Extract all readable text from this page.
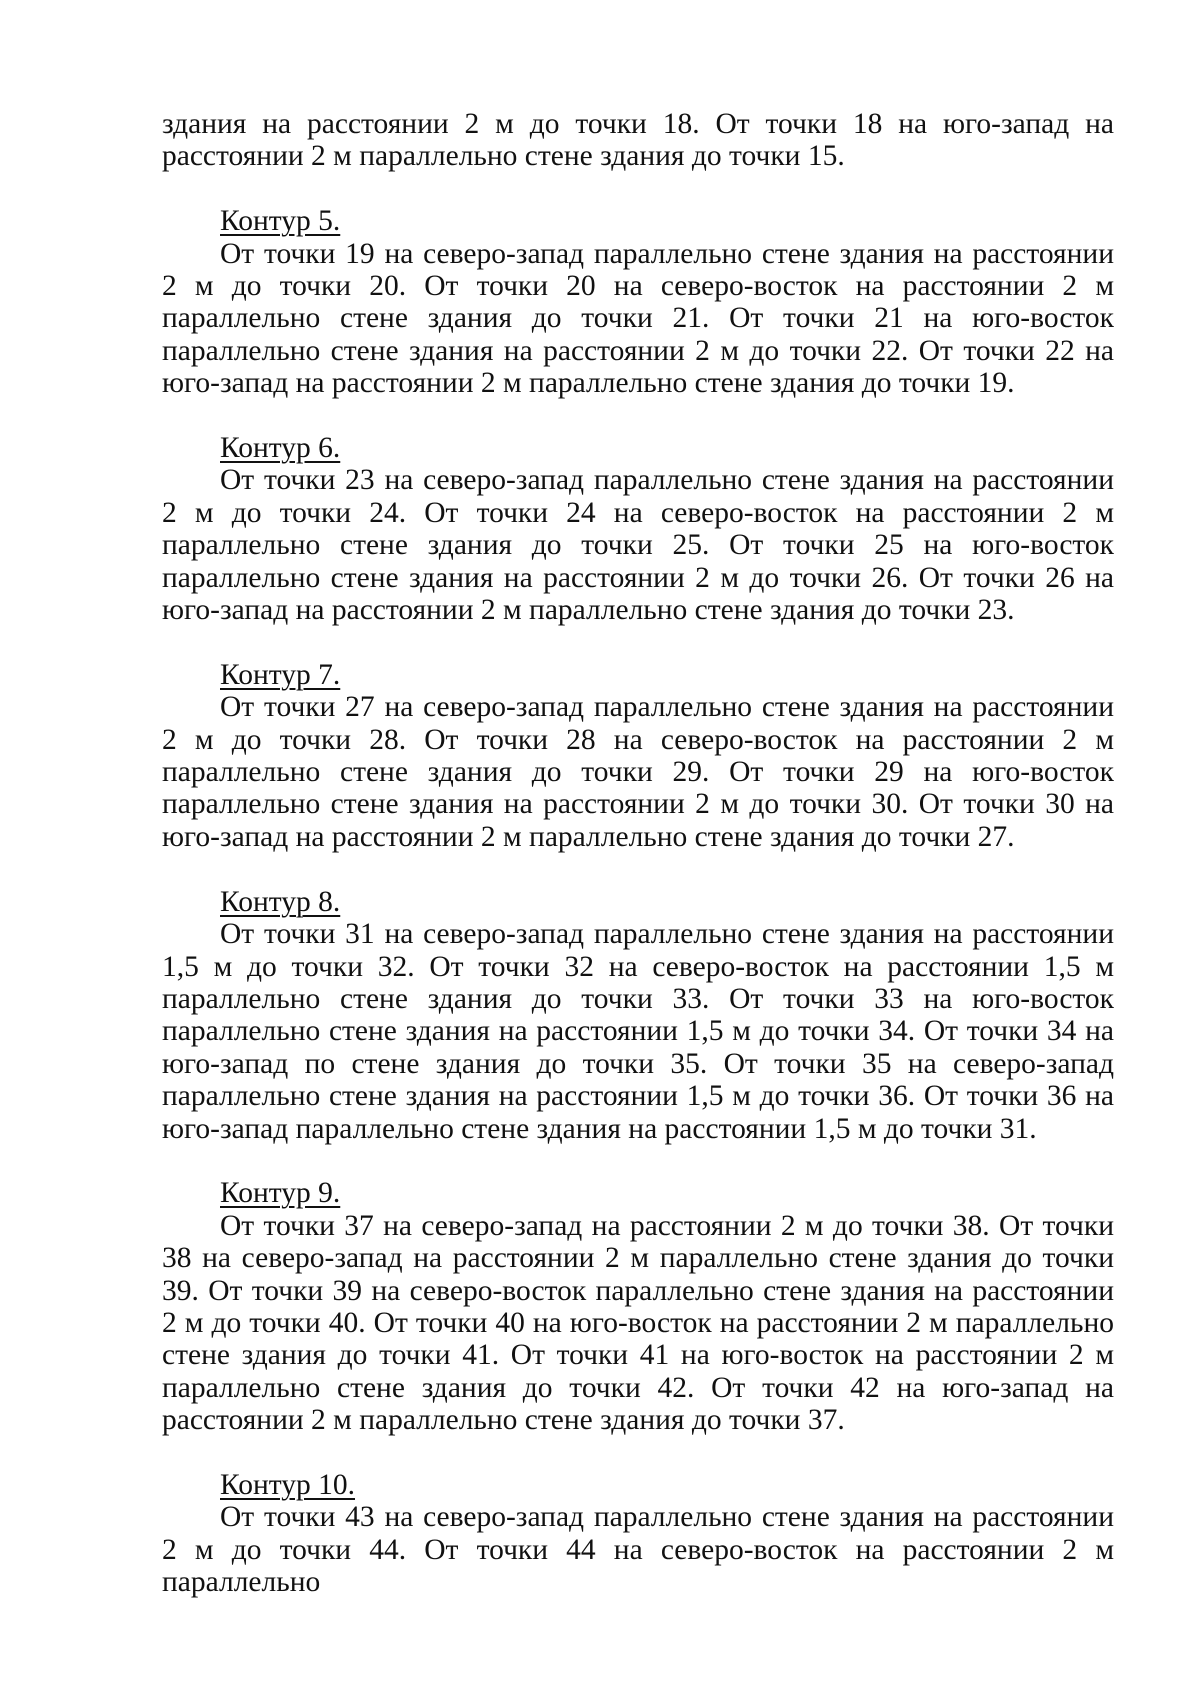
здания на расстоянии 2 м до точки 18. От точки 18 на юго-запад на расстоянии 2 м параллельно стене здания до точки 15.

Контур 5.

От точки 19 на северо-запад параллельно стене здания на расстоянии 2 м до точки 20. От точки 20 на северо-восток на расстоянии 2 м параллельно стене здания до точки 21. От точки 21 на юго-восток параллельно стене здания на расстоянии 2 м до точки 22. От точки 22 на юго-запад на расстоянии 2 м параллельно стене здания до точки 19.

Контур 6.

От точки 23 на северо-запад параллельно стене здания на расстоянии 2 м до точки 24. От точки 24 на северо-восток на расстоянии 2 м параллельно стене здания до точки 25. От точки 25 на юго-восток параллельно стене здания на расстоянии 2 м до точки 26. От точки 26 на юго-запад на расстоянии 2 м параллельно стене здания до точки 23.

Контур 7.

От точки 27 на северо-запад параллельно стене здания на расстоянии 2 м до точки 28. От точки 28 на северо-восток на расстоянии 2 м параллельно стене здания до точки 29. От точки 29 на юго-восток параллельно стене здания на расстоянии 2 м до точки 30. От точки 30 на юго-запад на расстоянии 2 м параллельно стене здания до точки 27.

Контур 8.

От точки 31 на северо-запад параллельно стене здания на расстоянии 1,5 м до точки 32. От точки 32 на северо-восток на расстоянии 1,5 м параллельно стене здания до точки 33. От точки 33 на юго-восток параллельно стене здания на расстоянии 1,5 м до точки 34. От точки 34 на юго-запад по стене здания до точки 35. От точки 35 на северо-запад параллельно стене здания на расстоянии 1,5 м до точки 36. От точки 36 на юго-запад параллельно стене здания на расстоянии 1,5 м до точки 31.

Контур 9.

От точки 37 на северо-запад на расстоянии 2 м до точки 38. От точки 38 на северо-запад на расстоянии 2 м параллельно стене здания до точки 39. От точки 39 на северо-восток параллельно стене здания на расстоянии 2 м до точки 40. От точки 40 на юго-восток на расстоянии 2 м параллельно стене здания до точки 41. От точки 41 на юго-восток на расстоянии 2 м параллельно стене здания до точки 42. От точки 42 на юго-запад на расстоянии 2 м параллельно стене здания до точки 37.

Контур 10.

От точки 43 на северо-запад параллельно стене здания на расстоянии 2 м до точки 44. От точки 44 на северо-восток на расстоянии 2 м параллельно
